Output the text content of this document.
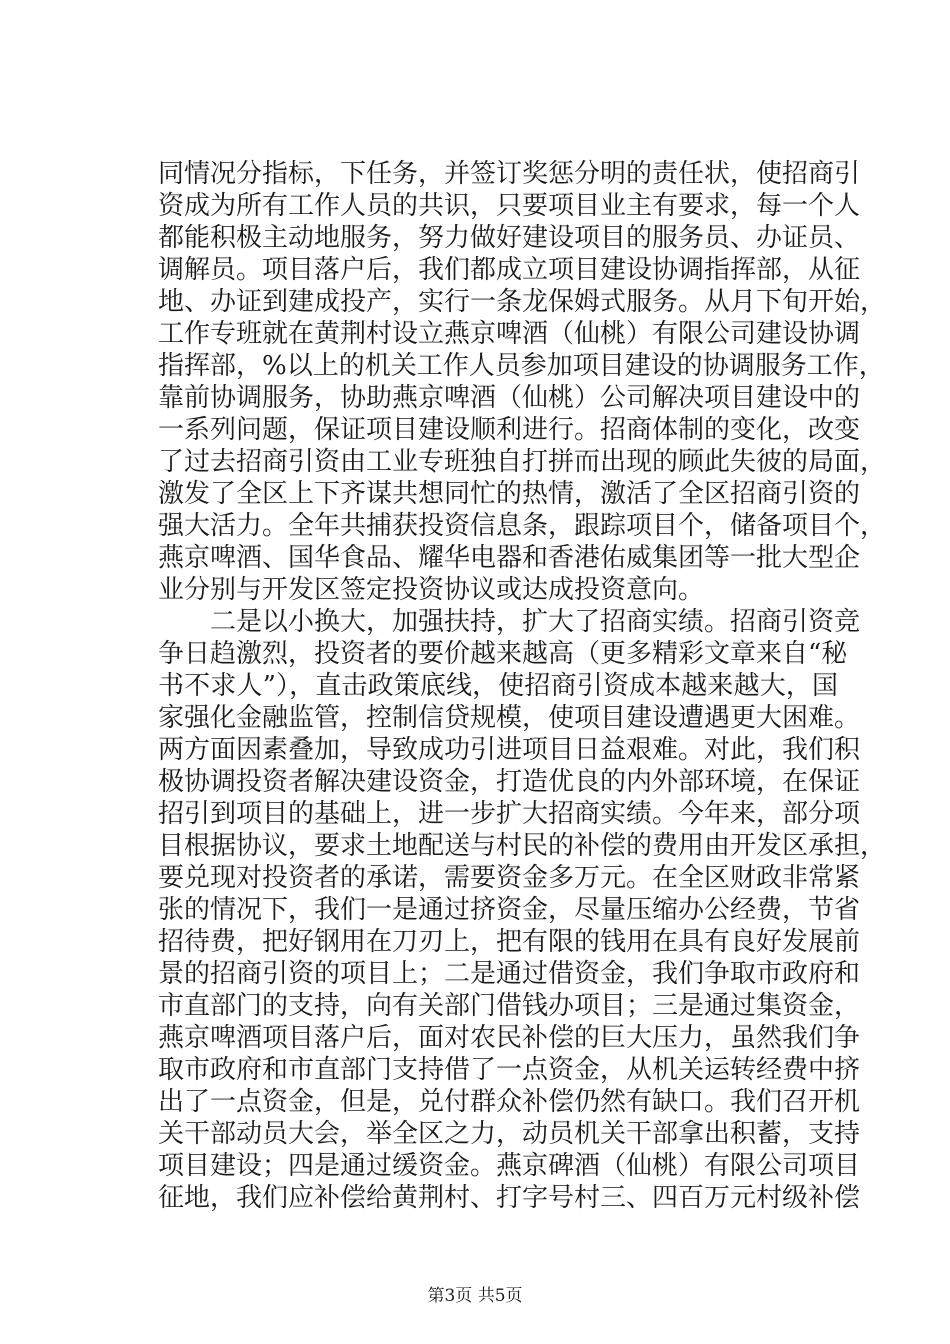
同情况分指标，下任务，并签订奖惩分明的责任状，使招商引
资成为所有工作人员的共识，只要项目业主有要求，每一个人
都能积极主动地服务，努力做好建设项目的服务员、办证员、
调解员。项目落户后，我们都成立项目建设协调指挥部，从征
地、办证到建成投产，实行一条龙保姆式服务。从月下旬开始，
工作专班就在黄荆村设立燕京啤酒（仙桃）有限公司建设协调
指挥部，%以上的机关工作人员参加项目建设的协调服务工作，
靠前协调服务，协助燕京啤酒（仙桃）公司解决项目建设中的
一系列问题，保证项目建设顺利进行。招商体制的变化，改变
了过去招商引资由工业专班独自打拼而出现的顾此失彼的局面，
激发了全区上下齐谋共想同忙的热情，激活了全区招商引资的
强大活力。全年共捕获投资信息条，跟踪项目个，储备项目个，
燕京啤酒、国华食品、耀华电器和香港佑威集团等一批大型企
业分别与开发区签定投资协议或达成投资意向。
二是以小换大，加强扶持，扩大了招商实绩。招商引资竞
争日趋激烈，投资者的要价越来越高（更多精彩文章来自“秘
书不求人”），直击政策底线，使招商引资成本越来越大，国
家强化金融监管，控制信贷规模，使项目建设遭遇更大困难。
两方面因素叠加，导致成功引进项目日益艰难。对此，我们积
极协调投资者解决建设资金，打造优良的内外部环境，在保证
招引到项目的基础上，进一步扩大招商实绩。今年来，部分项
目根据协议，要求土地配送与村民的补偿的费用由开发区承担，
要兑现对投资者的承诺，需要资金多万元。在全区财政非常紧
张的情况下，我们一是通过挤资金，尽量压缩办公经费，节省
招待费，把好钢用在刀刃上，把有限的钱用在具有良好发展前
景的招商引资的项目上；二是通过借资金，我们争取市政府和
市直部门的支持，向有关部门借钱办项目；三是通过集资金，
燕京啤酒项目落户后，面对农民补偿的巨大压力，虽然我们争
取市政府和市直部门支持借了一点资金，从机关运转经费中挤
出了一点资金，但是，兑付群众补偿仍然有缺口。我们召开机
关干部动员大会，举全区之力，动员机关干部拿出积蓄，支持
项目建设；四是通过缓资金。燕京碑酒（仙桃）有限公司项目
征地，我们应补偿给黄荆村、打字号村三、四百万元村级补偿
第3页 共5页
